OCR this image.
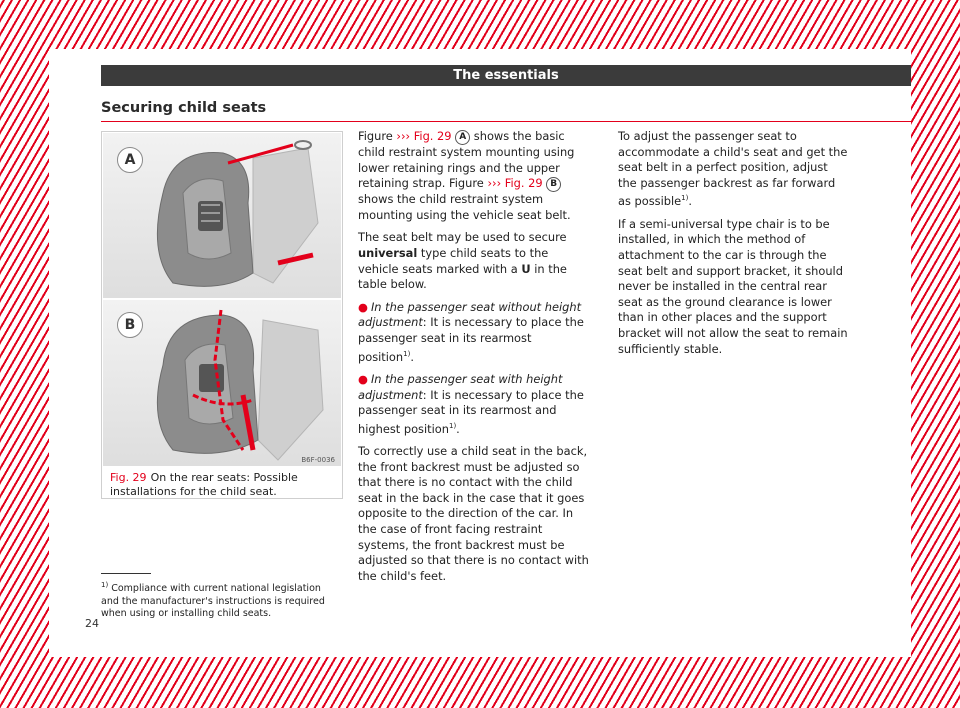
The essentials
Securing child seats
A
B
B6F-0036
Fig. 29 On the rear seats: Possible installations for the child seat.

Figure ››› Fig. 29 A shows the basic child restraint system mounting using lower retaining rings and the upper retaining strap. Figure ››› Fig. 29 B shows the child restraint system mounting using the vehicle seat belt.

The seat belt may be used to secure universal type child seats to the vehicle seats marked with a U in the table below.

● In the passenger seat without height adjustment: It is necessary to place the passenger seat in its rearmost position$^{1)}$.

● In the passenger seat with height adjustment: It is necessary to place the passenger seat in its rearmost and highest position$^{1)}$.

To correctly use a child seat in the back, the front backrest must be adjusted so that there is no contact with the child seat in the back in the case that it goes opposite to the direction of the car. In the case of front facing restraint systems, the front backrest must be adjusted so that there is no contact with the child's feet.

To adjust the passenger seat to accommodate a child's seat and get the seat belt in a perfect position, adjust the passenger backrest as far forward as possible$^{1)}$.

If a semi-universal type chair is to be installed, in which the method of attachment to the car is through the seat belt and support bracket, it should never be installed in the central rear seat as the ground clearance is lower than in other places and the support bracket will not allow the seat to remain sufficiently stable.

$^{1)}$ Compliance with current national legislation and the manufacturer's instructions is required when using or installing child seats.
24
